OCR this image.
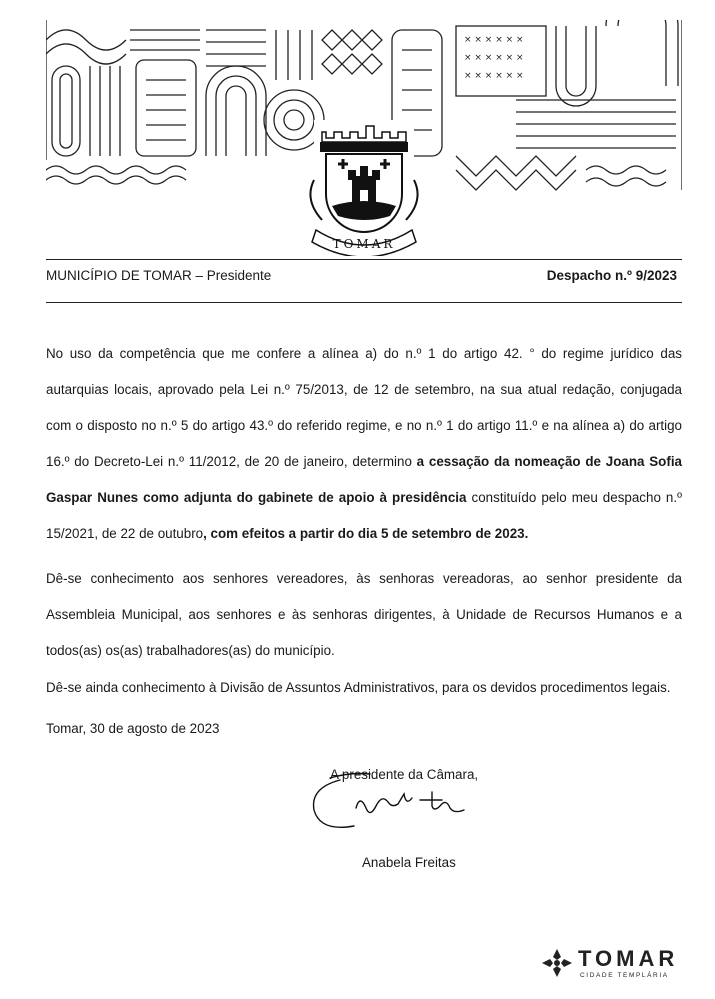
× × × × × ×
× × × × × ×
× × × × × ×
TOMAR
MUNICÍPIO DE TOMAR – Presidente	Despacho n.º 9/2023

No uso da competência que me confere a alínea a) do n.º 1 do artigo 42. ° do regime jurídico das autarquias locais, aprovado pela Lei n.º 75/2013, de 12 de setembro, na sua atual redação, conjugada com o disposto no n.º 5 do artigo 43.º do referido regime, e no n.º 1 do artigo 11.º e na alínea a) do artigo 16.º do Decreto-Lei n.º 11/2012, de 20 de janeiro, determino a cessação da nomeação de Joana Sofia Gaspar Nunes como adjunta do gabinete de apoio à presidência constituído pelo meu despacho n.º 15/2021, de 22 de outubro, com efeitos a partir do dia 5 de setembro de 2023.

Dê-se conhecimento aos senhores vereadores, às senhoras vereadoras, ao senhor presidente da Assembleia Municipal, aos senhores e às senhoras dirigentes, à Unidade de Recursos Humanos e a todos(as) os(as) trabalhadores(as) do município.

Dê-se ainda conhecimento à Divisão de Assuntos Administrativos, para os devidos procedimentos legais.

Tomar, 30 de agosto de 2023
A presidente da Câmara,
Anabela Freitas
TOMAR
CIDADE TEMPLÁRIA
